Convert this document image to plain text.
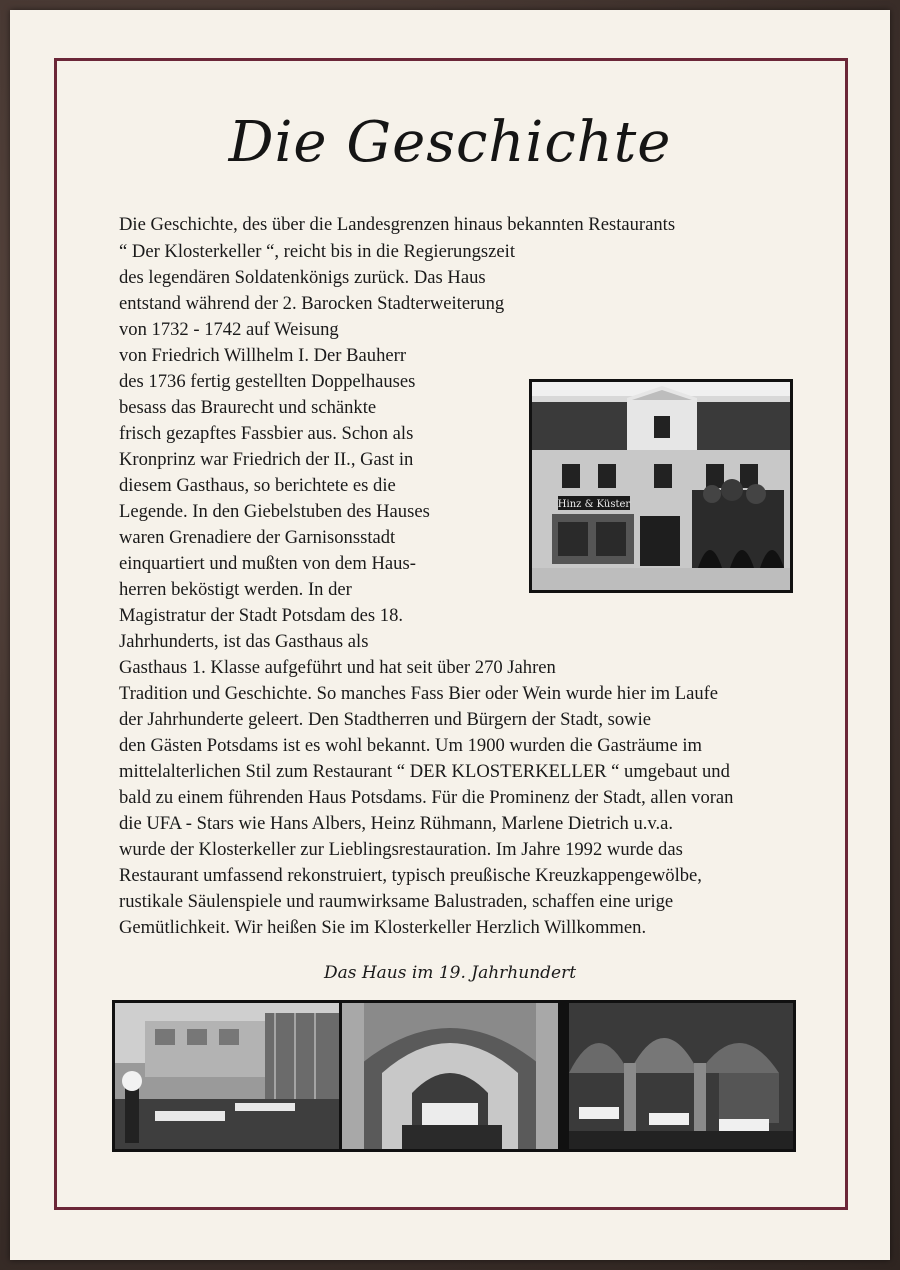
Die Geschichte
Die Geschichte, des über die Landesgrenzen hinaus bekannten Restaurants
“ Der Klosterkeller “, reicht bis in die Regierungszeit
des legendären Soldatenkönigs zurück. Das Haus
entstand während der 2. Barocken Stadterweiterung
von 1732 - 1742 auf Weisung
von Friedrich Willhelm I. Der Bauherr
des 1736 fertig gestellten Doppelhauses
besass das Braurecht und schänkte
frisch gezapftes Fassbier aus. Schon als
Kronprinz war Friedrich der II., Gast in
diesem Gasthaus, so berichtete es die
Legende. In den Giebelstuben des Hauses
waren Grenadiere der Garnisonsstadt
einquartiert und mußten von dem Haus-
herren beköstigt werden. In der
Magistratur der Stadt Potsdam des 18.
Jahrhunderts, ist das Gasthaus als
Gasthaus 1. Klasse aufgeführt und hat seit über 270 Jahren
Tradition und Geschichte. So manches Fass Bier oder Wein wurde hier im Laufe
der Jahrhunderte geleert. Den Stadtherren und Bürgern der Stadt, sowie
den Gästen Potsdams ist es wohl bekannt. Um 1900 wurden die Gasträume im
mittelalterlichen Stil zum Restaurant “ DER KLOSTERKELLER “ umgebaut und
bald zu einem führenden Haus Potsdams. Für die Prominenz der Stadt, allen voran
die UFA - Stars wie Hans Albers, Heinz Rühmann, Marlene Dietrich u.v.a.
wurde der Klosterkeller zur Lieblingsrestauration. Im Jahre 1992 wurde das
Restaurant umfassend rekonstruiert, typisch preußische Kreuzkappengewölbe,
rustikale Säulenspiele und raumwirksame Balustraden, schaffen eine urige
Gemütlichkeit. Wir heißen Sie im Klosterkeller Herzlich Willkommen.
Hinz & Küster
Das Haus im 19. Jahrhundert
